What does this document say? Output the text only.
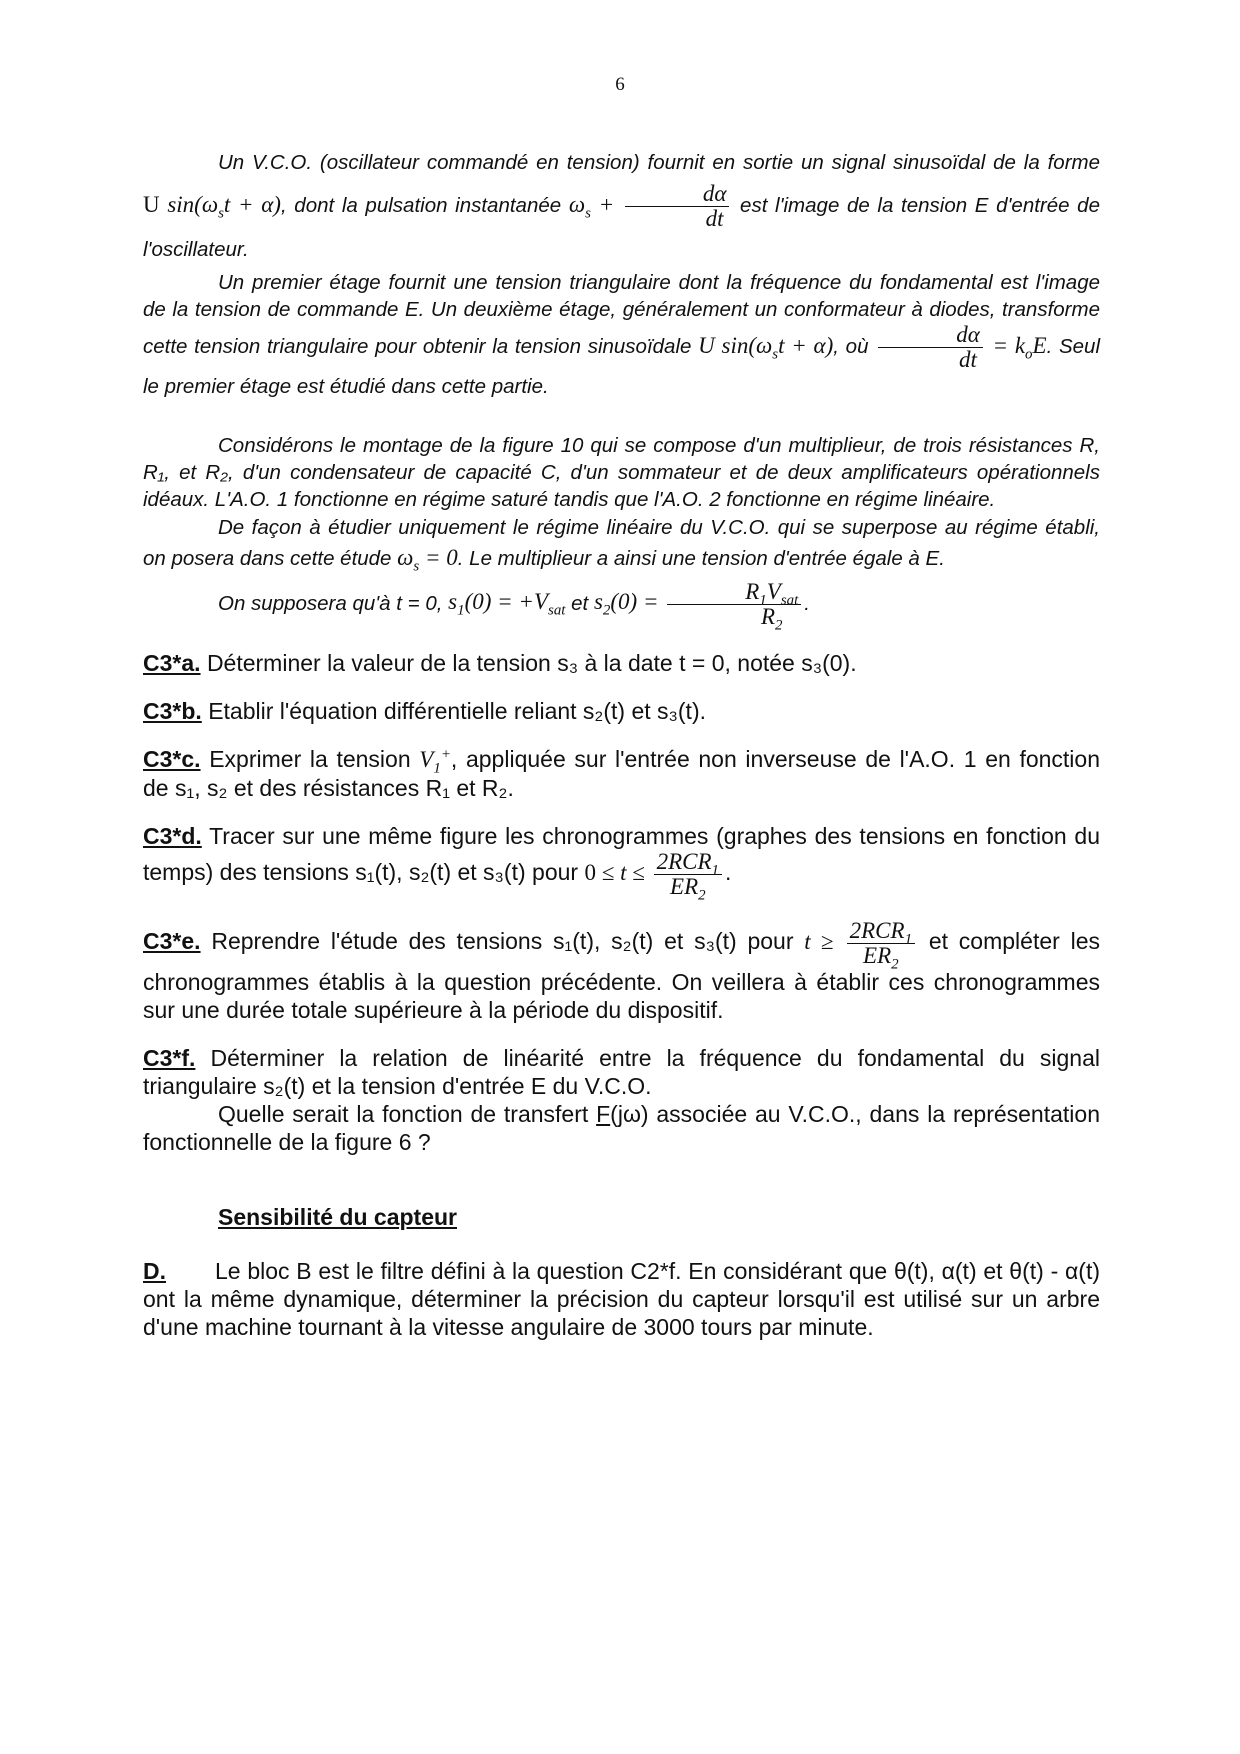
6

Un V.C.O. (oscillateur commandé en tension) fournit en sortie un signal sinusoïdal de la forme U $\sin(\omega_st + \alpha)$, dont la pulsation instantanée $\omega_s + \frac{d\alpha}{dt}$ est l'image de la tension E d'entrée de l'oscillateur.

Un premier étage fournit une tension triangulaire dont la fréquence du fondamental est l'image de la tension de commande E. Un deuxième étage, généralement un conformateur à diodes, transforme cette tension triangulaire pour obtenir la tension sinusoïdale U $\sin(\omega_st + \alpha)$, où $\frac{d\alpha}{dt} = k_oE$. Seul le premier étage est étudié dans cette partie.

Considérons le montage de la figure 10 qui se compose d'un multiplieur, de trois résistances R, R₁, et R₂, d'un condensateur de capacité C, d'un sommateur et de deux amplificateurs opérationnels idéaux. L'A.O. 1 fonctionne en régime saturé tandis que l'A.O. 2 fonctionne en régime linéaire.

De façon à étudier uniquement le régime linéaire du V.C.O. qui se superpose au régime établi, on posera dans cette étude $\omega_s = 0$. Le multiplieur a ainsi une tension d'entrée égale à E.

On supposera qu'à t = 0, $s_1(0) = +V_{sat}$ et $s_2(0) = \frac{R_1V_{sat}}{R_2}$ .

C3*a. Déterminer la valeur de la tension s₃ à la date t = 0, notée s₃(0).

C3*b. Etablir l'équation différentielle reliant s₂(t) et s₃(t).

C3*c. Exprimer la tension $V_1^+$, appliquée sur l'entrée non inverseuse de l'A.O. 1 en fonction de s₁, s₂ et des résistances R₁ et R₂.

C3*d. Tracer sur une même figure les chronogrammes (graphes des tensions en fonction du temps) des tensions s₁(t), s₂(t) et s₃(t) pour $0 \le t \le \frac{2RCR_1}{ER_2}$ .

C3*e. Reprendre l'étude des tensions s₁(t), s₂(t) et s₃(t) pour $t \ge \frac{2RCR_1}{ER_2}$ et compléter les chronogrammes établis à la question précédente. On veillera à établir ces chronogrammes sur une durée totale supérieure à la période du dispositif.

C3*f. Déterminer la relation de linéarité entre la fréquence du fondamental du signal triangulaire s₂(t) et la tension d'entrée E du V.C.O.

Quelle serait la fonction de transfert F(jω) associée au V.C.O., dans la représentation fonctionnelle de la figure 6 ?

Sensibilité du capteur

D. Le bloc B est le filtre défini à la question C2*f. En considérant que θ(t), α(t) et θ(t) - α(t) ont la même dynamique, déterminer la précision du capteur lorsqu'il est utilisé sur un arbre d'une machine tournant à la vitesse angulaire de 3000 tours par minute.
